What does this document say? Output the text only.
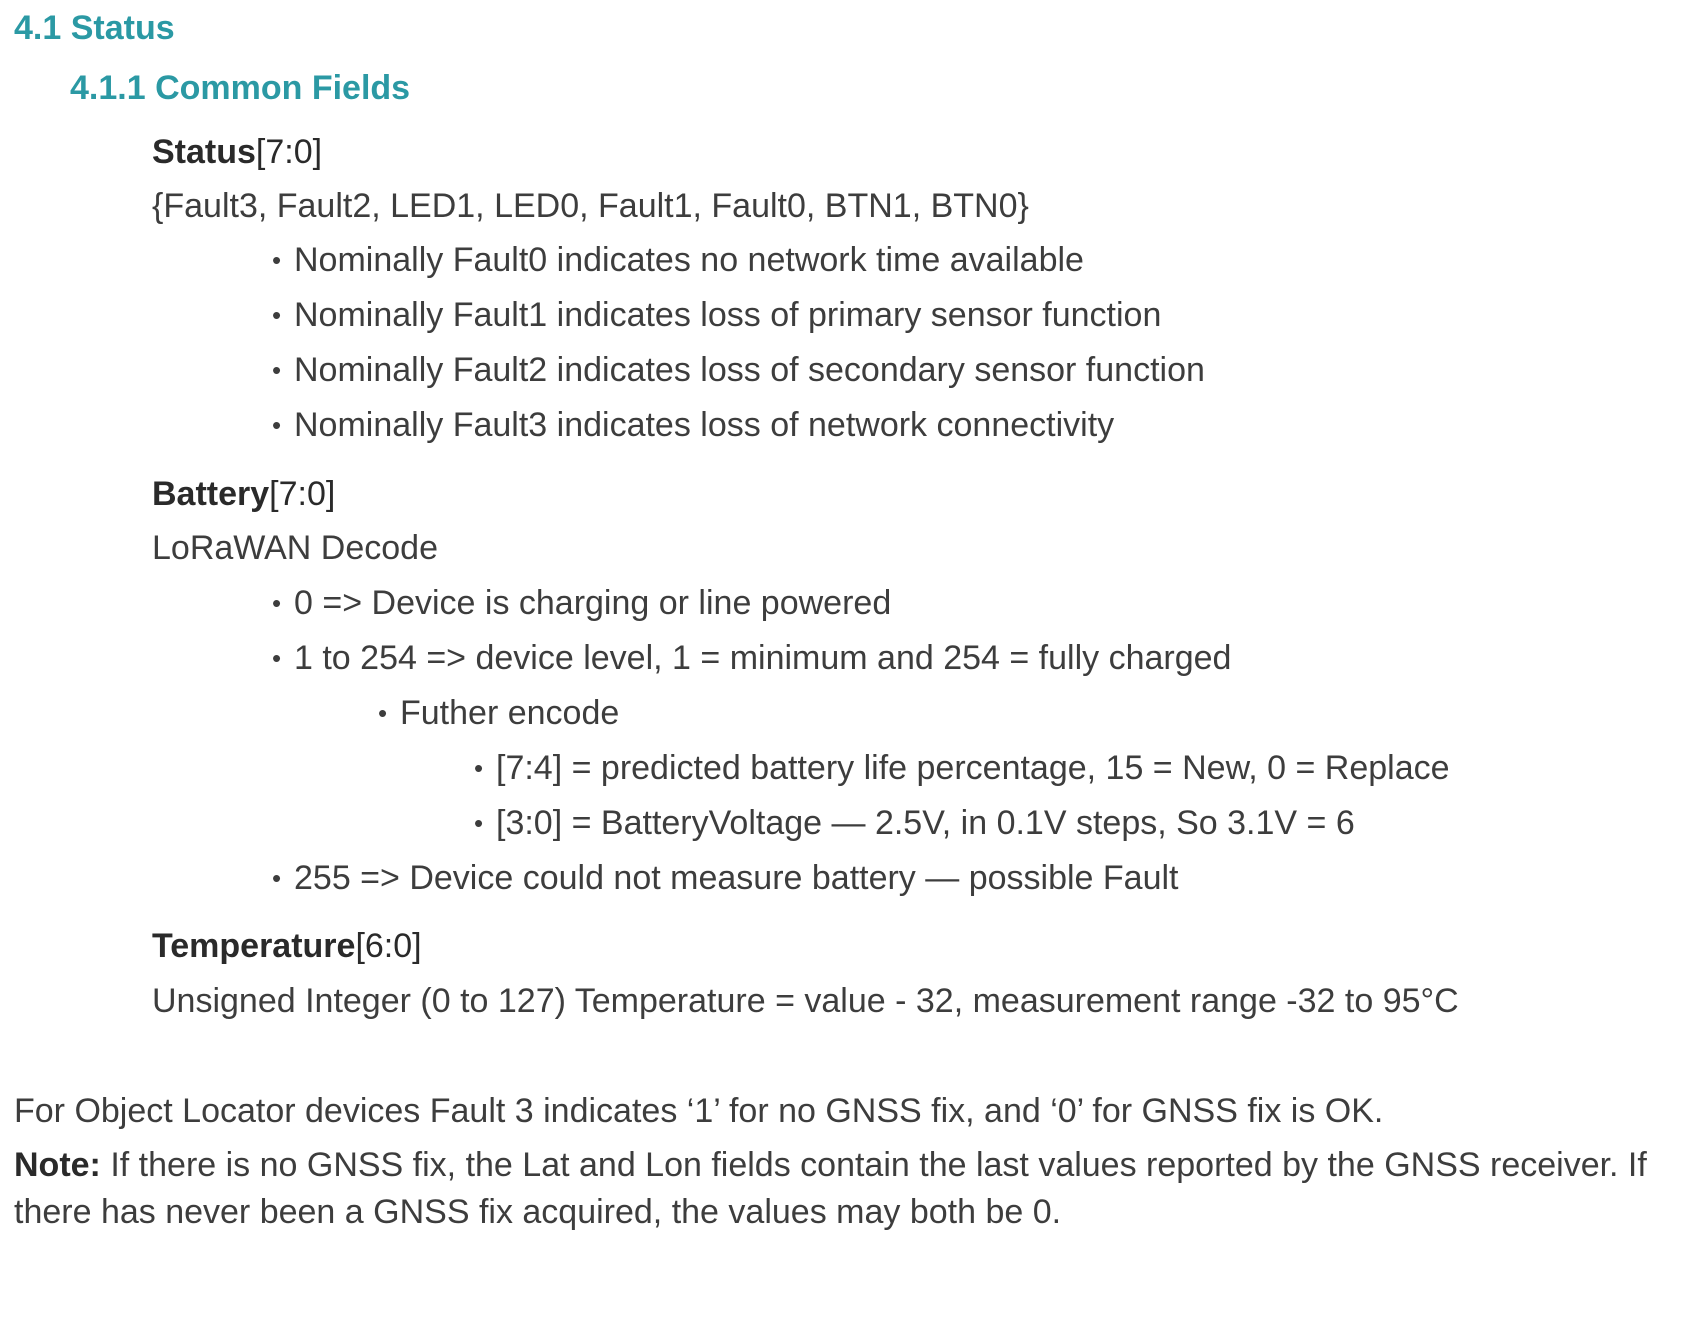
4.1 Status
4.1.1 Common Fields

Status[7:0]

{Fault3, Fault2, LED1, LED0, Fault1, Fault0, BTN1, BTN0}

• Nominally Fault0 indicates no network time available
• Nominally Fault1 indicates loss of primary sensor function
• Nominally Fault2 indicates loss of secondary sensor function
• Nominally Fault3 indicates loss of network connectivity

Battery[7:0]

LoRaWAN Decode

• 0 => Device is charging or line powered
• 1 to 254 => device level, 1 = minimum and 254 = fully charged
• Futher encode
• [7:4] = predicted battery life percentage, 15 = New, 0 = Replace
• [3:0] = BatteryVoltage — 2.5V, in 0.1V steps, So 3.1V = 6
• 255 => Device could not measure battery — possible Fault

Temperature[6:0]

Unsigned Integer (0 to 127) Temperature = value - 32, measurement range -32 to 95°C

For Object Locator devices Fault 3 indicates ‘1’ for no GNSS fix, and ‘0’ for GNSS fix is OK.

Note: If there is no GNSS fix, the Lat and Lon fields contain the last values reported by the GNSS receiver. If there has never been a GNSS fix acquired, the values may both be 0.
